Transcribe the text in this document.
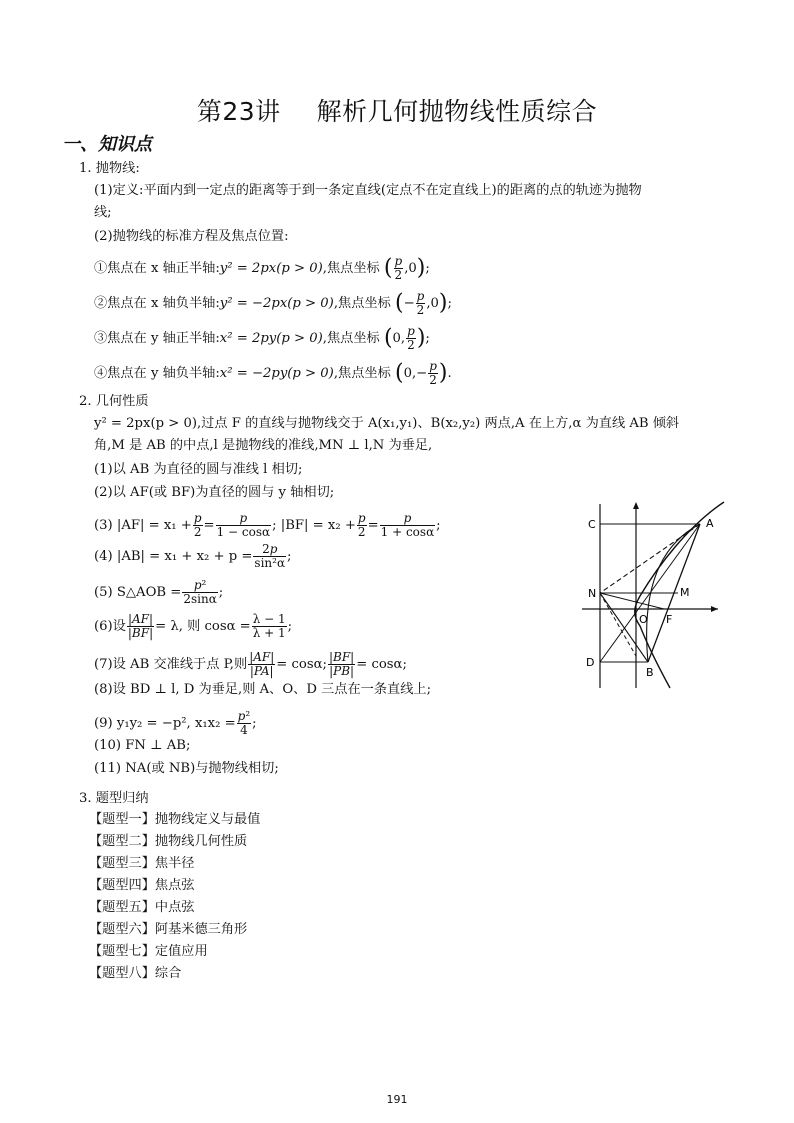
第23讲 解析几何抛物线性质综合
一、知识点
1. 抛物线:
(1)定义:平面内到一定点的距离等于到一条定直线(定点不在定直线上)的距离的点的轨迹为抛物
线;
(2)抛物线的标准方程及焦点位置:
①焦点在 x 轴正半轴:y² = 2px(p > 0),焦点坐标 ( $\frac{p}{2} ,0$);
②焦点在 x 轴负半轴:y² = −2px(p > 0),焦点坐标 (− $\frac{p}{2} ,0$);
③焦点在 y 轴正半轴:x² = 2py(p > 0),焦点坐标 (0, $\frac{p}{2}$ );
④焦点在 y 轴负半轴:x² = −2py(p > 0),焦点坐标 ($0,- \frac{p}{2}$ ).
2. 几何性质
y² = 2px(p > 0),过点 F 的直线与抛物线交于 A(x₁,y₁)、B(x₂,y₂) 两点,A 在上方,α 为直线 AB 倾斜
角,M 是 AB 的中点,l 是抛物线的准线,MN ⊥ l,N 为垂足,
(1)以 AB 为直径的圆与准线 l 相切;
(2)以 AF(或 BF)为直径的圆与 y 轴相切;
(3) $|AF| = x_1 + \frac{p}{2} = \frac{p}{1 - \cos\alpha}$ ; $|BF| = x_2 + \frac{p}{2} = \frac{p}{1 + \cos\alpha}$ ;
(4) $|AB| = x_1 + x_2 + p = \frac{2p}{\text{sin²α}}$ ;
(5) S△AOB = $\frac{\text{p²}}{2\sin\alpha}$ ;
(6)设 $\frac{|AF|}{|BF|} = \lambda$, 则 $\cos\alpha = \frac{\lambda - 1}{\lambda + 1}$ ;
(7)设 AB 交准线于点 P,则 $\frac{|AF|}{|PA|} = \cos\alpha$; $\frac{|BF|}{|PB|} = \cos\alpha$;
(8)设 BD ⊥ l, D 为垂足,则 A、O、D 三点在一条直线上;
(9) y₁y₂ = −p², $x_1x_2 = \frac{\text{p²}}{4}$ ;
(10) FN ⊥ AB;
(11) NA(或 NB)与抛物线相切;
C	A
N	M
O F
D
B
3. 题型归纳
【题型一】抛物线定义与最值
【题型二】抛物线几何性质
【题型三】焦半径
【题型四】焦点弦
【题型五】中点弦
【题型六】阿基米德三角形
【题型七】定值应用
【题型八】综合
191
